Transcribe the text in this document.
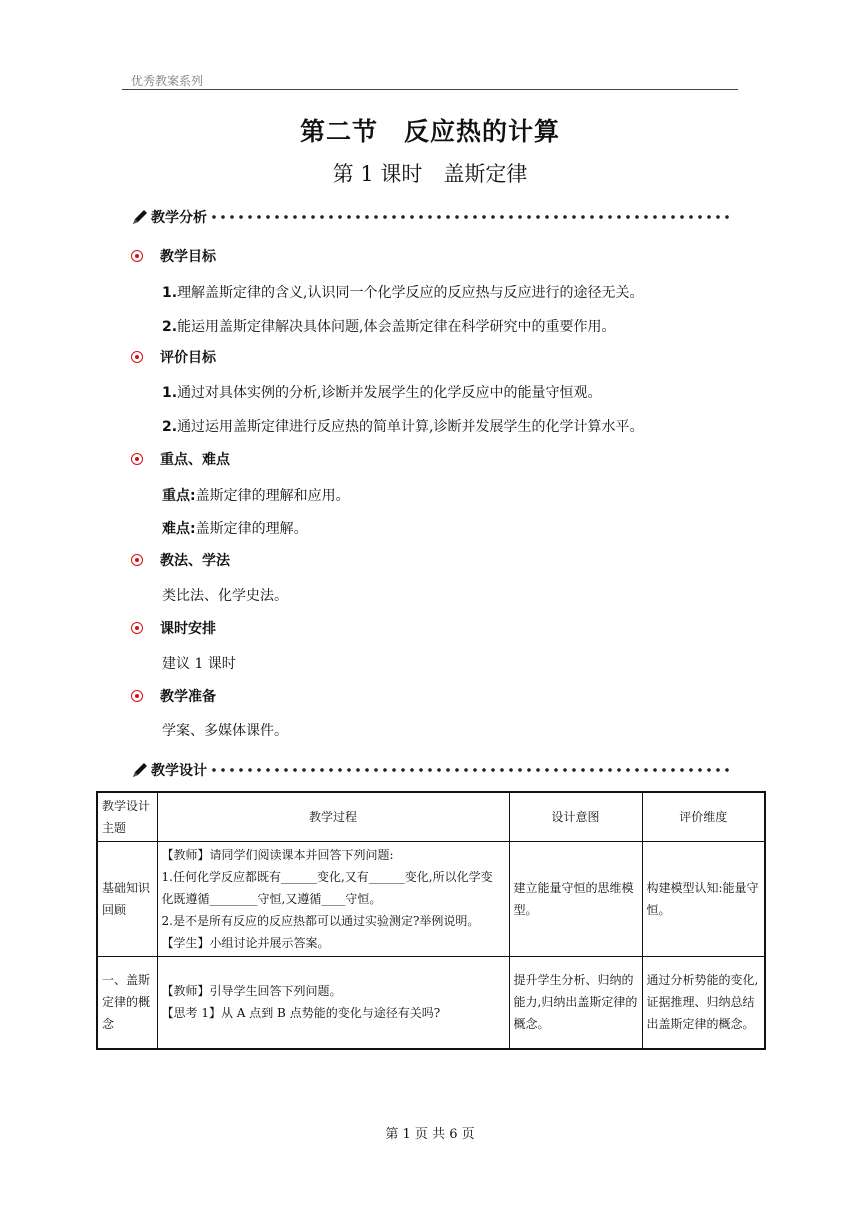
优秀教案系列
第二节　反应热的计算
第 1 课时　盖斯定律
教学分析
教学目标
1.理解盖斯定律的含义,认识同一个化学反应的反应热与反应进行的途径无关。
2.能运用盖斯定律解决具体问题,体会盖斯定律在科学研究中的重要作用。
评价目标
1.通过对具体实例的分析,诊断并发展学生的化学反应中的能量守恒观。
2.通过运用盖斯定律进行反应热的简单计算,诊断并发展学生的化学计算水平。
重点、难点
重点:盖斯定律的理解和应用。
难点:盖斯定律的理解。
教法、学法
类比法、化学史法。
课时安排
建议 1 课时
教学准备
学案、多媒体课件。
教学设计
教学设计主题	教学过程	设计意图	评价维度
基础知识回顾	【教师】请同学们阅读课本并回答下列问题:
1.任何化学反应都既有______变化,又有______变化,所以化学变化既遵循________守恒,又遵循____守恒。
2.是不是所有反应的反应热都可以通过实验测定?举例说明。
【学生】小组讨论并展示答案。	建立能量守恒的思维模型。	构建模型认知:能量守恒。
一、盖斯定律的概念	【教师】引导学生回答下列问题。
【思考 1】从 A 点到 B 点势能的变化与途径有关吗?	提升学生分析、归纳的能力,归纳出盖斯定律的概念。	通过分析势能的变化,证据推理、归纳总结出盖斯定律的概念。
第 1 页 共 6 页
